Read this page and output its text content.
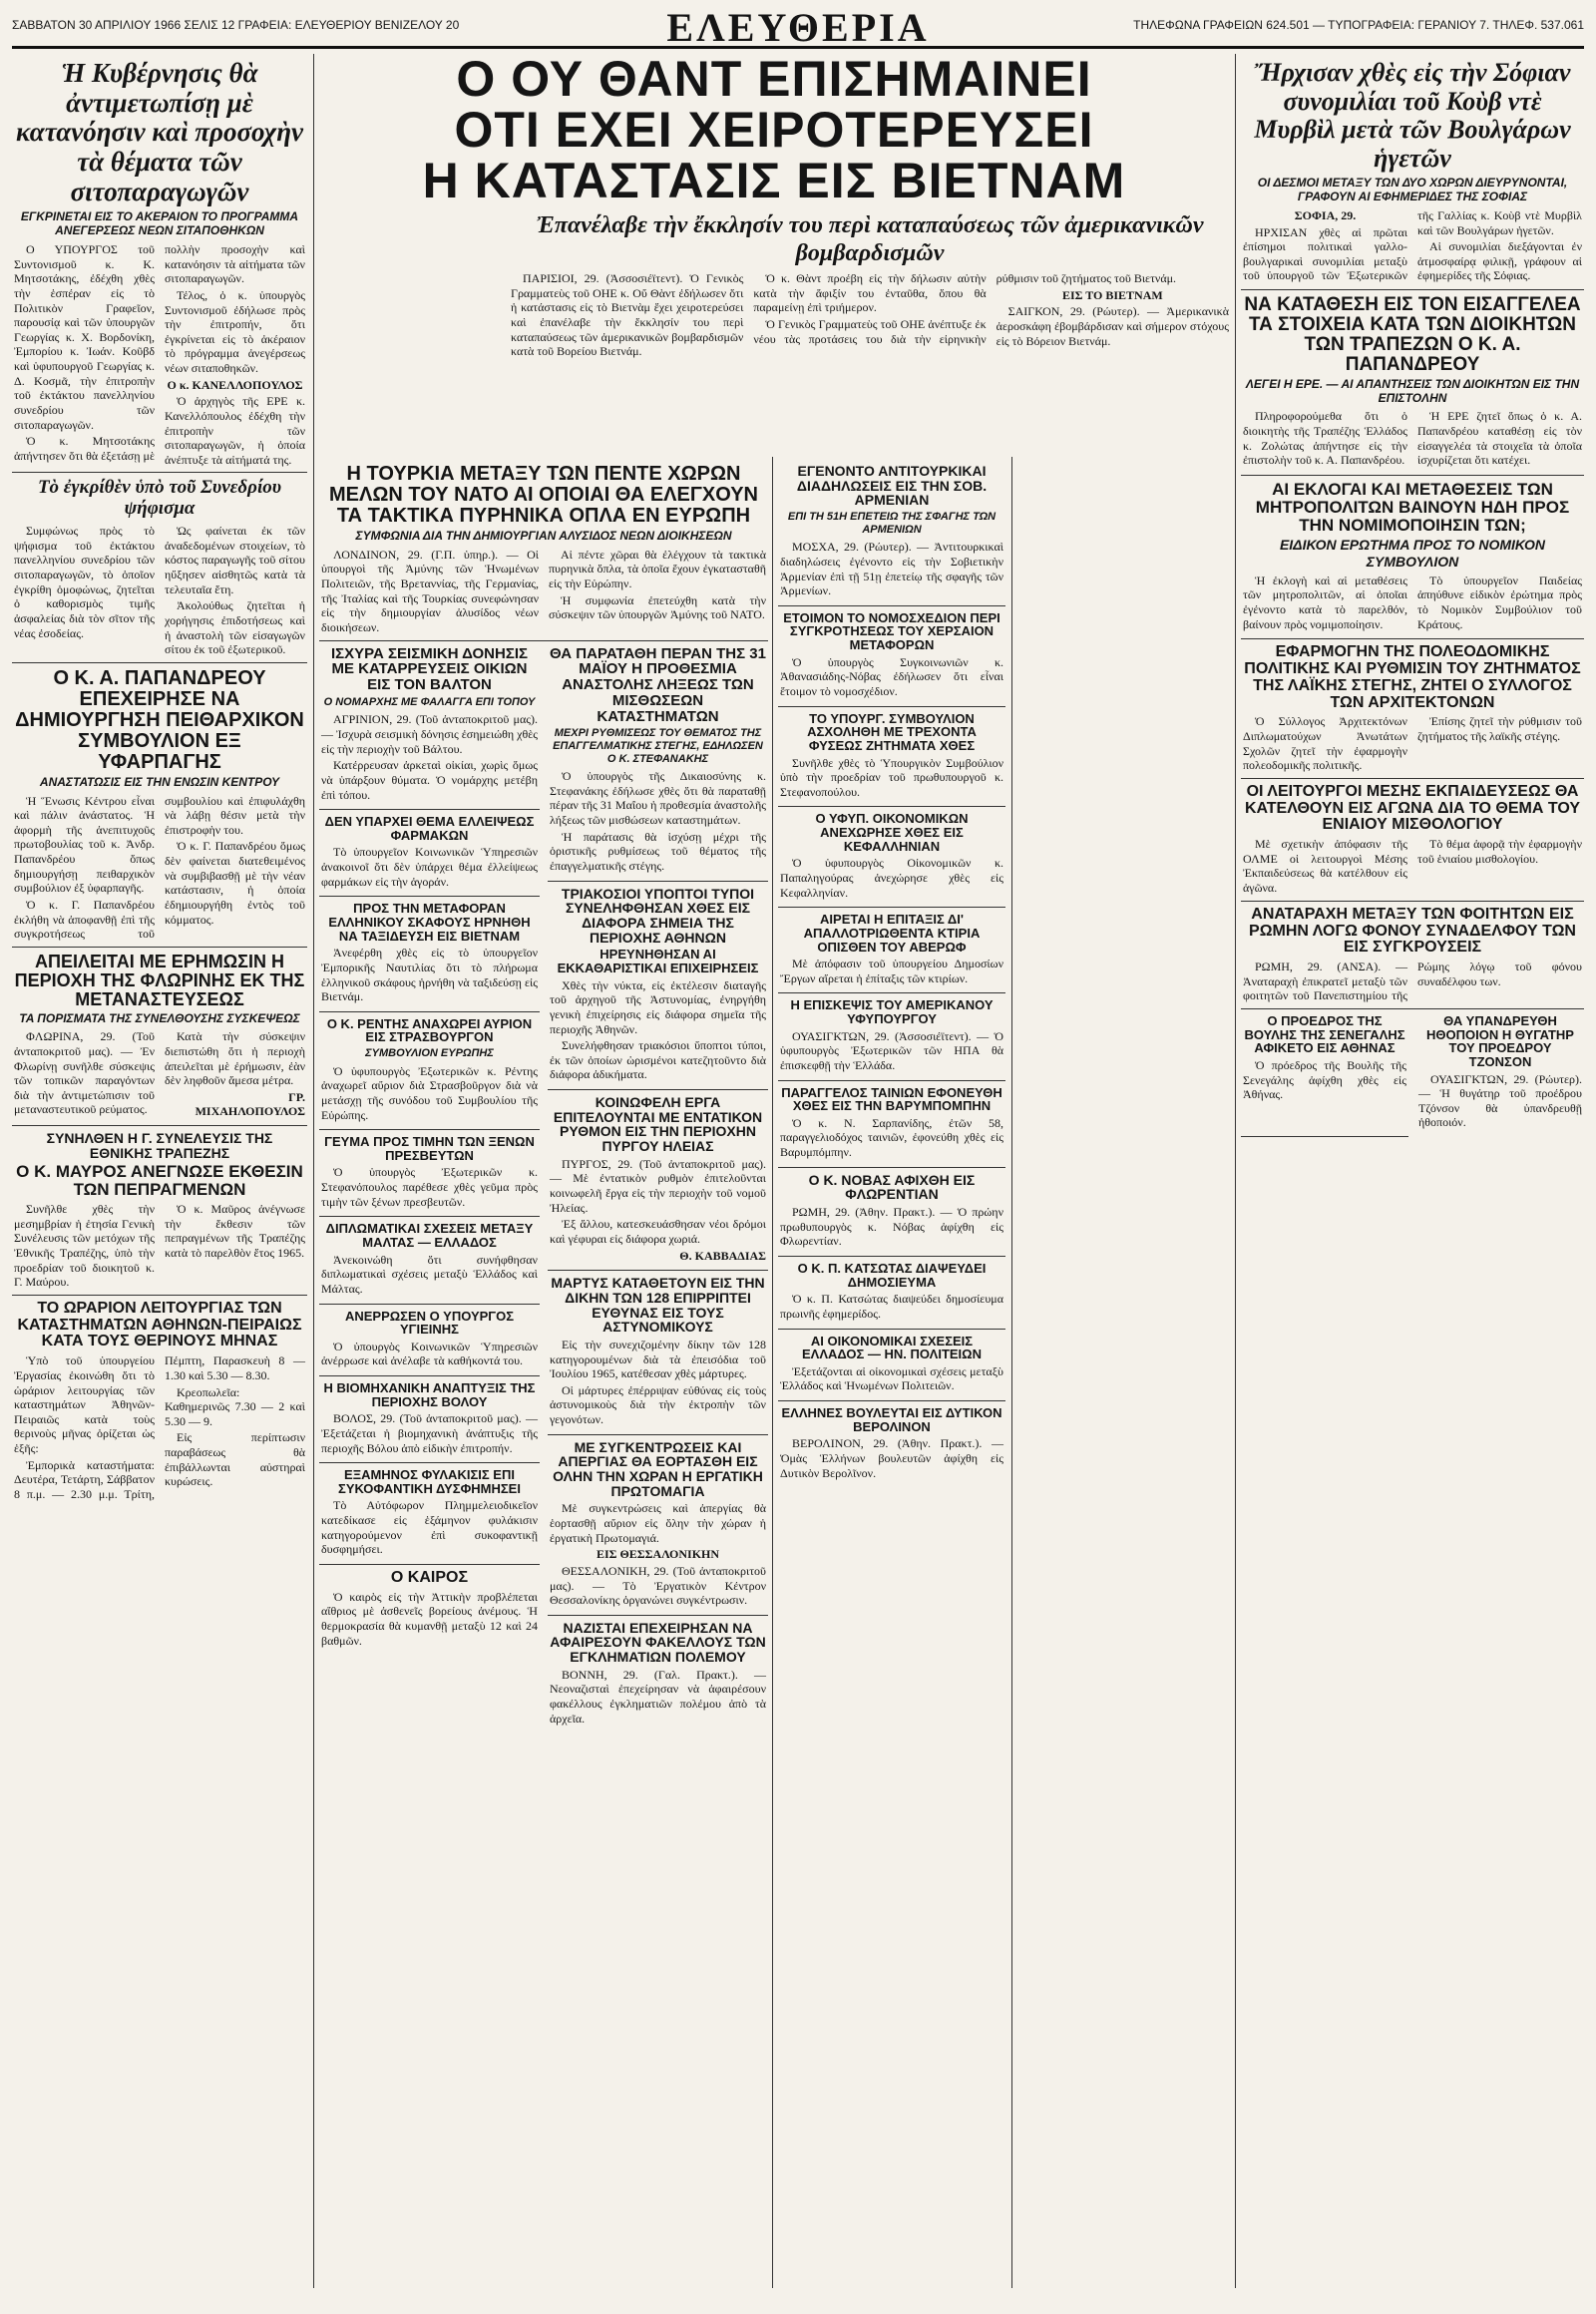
ΣΑΒΒΑΤΟΝ 30 ΑΠΡΙΛΙΟΥ 1966 ΣΕΛΙΣ 12 ΓΡΑΦΕΙΑ: ΕΛΕΥΘΕΡΙΟΥ ΒΕΝΙΖΕΛΟΥ 20	ΕΛΕΥΘΕΡΙΑ	ΤΗΛΕΦΩΝΑ ΓΡΑΦΕΙΩΝ 624.501 — ΤΥΠΟΓΡΑΦΕΙΑ: ΓΕΡΑΝΙΟΥ 7. ΤΗΛΕΦ. 537.061
Ἡ Κυβέρνησις θὰ ἀντιμετωπίσῃ μὲ κατανόησιν καὶ προσοχὴν τὰ θέματα τῶν σιτοπαραγωγῶν
ΕΓΚΡΙΝΕΤΑΙ ΕΙΣ ΤΟ ΑΚΕΡΑΙΟΝ ΤΟ ΠΡΟΓΡΑΜΜΑ ΑΝΕΓΕΡΣΕΩΣ ΝΕΩΝ ΣΙΤΑΠΟΘΗΚΩΝ

Ο ΥΠΟΥΡΓΟΣ τοῦ Συντονισμοῦ κ. Κ. Μητσοτάκης, ἐδέχθη χθὲς τὴν ἑσπέραν εἰς τὸ Πολιτικὸν Γραφεῖον, παρουσίᾳ καὶ τῶν ὑπουργῶν Γεωργίας κ. Χ. Βορδονίκη, Ἐμπορίου κ. Ἰωάν. Κοῦβδ καὶ ὑφυπουργοῦ Γεωργίας κ. Δ. Κοσμᾶ, τὴν ἐπιτροπὴν τοῦ ἐκτάκτου πανελληνίου συνεδρίου τῶν σιτοπαραγωγῶν.

Ὁ κ. Μητσοτάκης ἀπήντησεν ὅτι θὰ ἐξετάσῃ μὲ πολλὴν προσοχὴν καὶ κατανόησιν τὰ αἰτήματα τῶν σιτοπαραγωγῶν.

Τέλος, ὁ κ. ὑπουργὸς Συντονισμοῦ ἐδήλωσε πρὸς τὴν ἐπιτροπήν, ὅτι ἐγκρίνεται εἰς τὸ ἀκέραιον τὸ πρόγραμμα ἀνεγέρσεως νέων σιταποθηκῶν.

Ο κ. ΚΑΝΕΛΛΟΠΟΥΛΟΣ

Ὁ ἀρχηγὸς τῆς ΕΡΕ κ. Κανελλόπουλος ἐδέχθη τὴν ἐπιτροπὴν τῶν σιτοπαραγωγῶν, ἡ ὁποία ἀνέπτυξε τὰ αἰτήματά της.

Τὸ ἐγκρίθὲν ὑπὸ τοῦ Συνεδρίου ψήφισμα

Συμφώνως πρὸς τὸ ψήφισμα τοῦ ἐκτάκτου πανελληνίου συνεδρίου τῶν σιτοπαραγωγῶν, τὸ ὁποῖον ἐγκρίθη ὁμοφώνως, ζητεῖται ὁ καθορισμὸς τιμῆς ἀσφαλείας διὰ τὸν σῖτον τῆς νέας ἐσοδείας.

Ὡς φαίνεται ἐκ τῶν ἀναδεδομένων στοιχείων, τὸ κόστος παραγωγῆς τοῦ σίτου ηὔξησεν αἰσθητῶς κατὰ τὰ τελευταῖα ἔτη.

Ἀκολούθως ζητεῖται ἡ χορήγησις ἐπιδοτήσεως καὶ ἡ ἀναστολὴ τῶν εἰσαγωγῶν σίτου ἐκ τοῦ ἐξωτερικοῦ.

Ο Κ. Α. ΠΑΠΑΝΔΡΕΟΥ ΕΠΕΧΕΙΡΗΣΕ ΝΑ ΔΗΜΙΟΥΡΓΗΣΗ ΠΕΙΘΑΡΧΙΚΟΝ ΣΥΜΒΟΥΛΙΟΝ ΕΞ ΥΦΑΡΠΑΓΗΣ
ΑΝΑΣΤΑΤΩΣΙΣ ΕΙΣ ΤΗΝ ΕΝΩΣΙΝ ΚΕΝΤΡΟΥ

Ἡ Ἕνωσις Κέντρου εἶναι καὶ πάλιν ἀνάστατος. Ἡ ἀφορμὴ τῆς ἀνεπιτυχοῦς πρωτοβουλίας τοῦ κ. Ἀνδρ. Παπανδρέου ὅπως δημιουργήσῃ πειθαρχικὸν συμβούλιον ἐξ ὑφαρπαγῆς.

Ὁ κ. Γ. Παπανδρέου ἐκλήθη νὰ ἀποφανθῇ ἐπὶ τῆς συγκροτήσεως τοῦ συμβουλίου καὶ ἐπιφυλάχθη νὰ λάβῃ θέσιν μετὰ τὴν ἐπιστροφὴν του.

Ὁ κ. Γ. Παπανδρέου ὅμως δὲν φαίνεται διατεθειμένος νὰ συμβιβασθῇ μὲ τὴν νέαν κατάστασιν, ἡ ὁποία ἐδημιουργήθη ἐντὸς τοῦ κόμματος.

ΑΠΕΙΛΕΙΤΑΙ ΜΕ ΕΡΗΜΩΣΙΝ Η ΠΕΡΙΟΧΗ ΤΗΣ ΦΛΩΡΙΝΗΣ ΕΚ ΤΗΣ ΜΕΤΑΝΑΣΤΕΥΣΕΩΣ
ΤΑ ΠΟΡΙΣΜΑΤΑ ΤΗΣ ΣΥΝΕΛΘΟΥΣΗΣ ΣΥΣΚΕΨΕΩΣ

ΦΛΩΡΙΝΑ, 29. (Τοῦ ἀνταποκριτοῦ μας). — Ἐν Φλωρίνῃ συνῆλθε σύσκεψις τῶν τοπικῶν παραγόντων διὰ τὴν ἀντιμετώπισιν τοῦ μεταναστευτικοῦ ρεύματος.

Κατὰ τὴν σύσκεψιν διεπιστώθη ὅτι ἡ περιοχὴ ἀπειλεῖται μὲ ἐρήμωσιν, ἐὰν δὲν ληφθοῦν ἄμεσα μέτρα.

ΓΡ. ΜΙΧΑΗΛΟΠΟΥΛΟΣ

ΣΥΝΗΛΘΕΝ Η Γ. ΣΥΝΕΛΕΥΣΙΣ ΤΗΣ ΕΘΝΙΚΗΣ ΤΡΑΠΕΖΗΣ
Ο Κ. ΜΑΥΡΟΣ ΑΝΕΓΝΩΣΕ ΕΚΘΕΣΙΝ ΤΩΝ ΠΕΠΡΑΓΜΕΝΩΝ

Συνῆλθε χθὲς τὴν μεσημβρίαν ἡ ἐτησία Γενικὴ Συνέλευσις τῶν μετόχων τῆς Ἐθνικῆς Τραπέζης, ὑπὸ τὴν προεδρίαν τοῦ διοικητοῦ κ. Γ. Μαύρου.

Ὁ κ. Μαῦρος ἀνέγνωσε τὴν ἔκθεσιν τῶν πεπραγμένων τῆς Τραπέζης κατὰ τὸ παρελθὸν ἔτος 1965.

ΤΟ ΩΡΑΡΙΟΝ ΛΕΙΤΟΥΡΓΙΑΣ ΤΩΝ ΚΑΤΑΣΤΗΜΑΤΩΝ ΑΘΗΝΩΝ-ΠΕΙΡΑΙΩΣ ΚΑΤΑ ΤΟΥΣ ΘΕΡΙΝΟΥΣ ΜΗΝΑΣ

Ὑπὸ τοῦ ὑπουργείου Ἐργασίας ἐκοινώθη ὅτι τὸ ὡράριον λειτουργίας τῶν καταστημάτων Ἀθηνῶν-Πειραιῶς κατὰ τοὺς θερινοὺς μῆνας ὁρίζεται ὡς ἑξῆς:

Ἐμπορικὰ καταστήματα: Δευτέρα, Τετάρτη, Σάββατον 8 π.μ. — 2.30 μ.μ. Τρίτη, Πέμπτη, Παρασκευὴ 8 — 1.30 καὶ 5.30 — 8.30.

Κρεοπωλεῖα: Καθημερινῶς 7.30 — 2 καὶ 5.30 — 9.

Εἰς περίπτωσιν παραβάσεως θὰ ἐπιβάλλωνται αὐστηραὶ κυρώσεις.

Ο ΟΥ ΘΑΝΤ ΕΠΙΣΗΜΑΙΝΕΙ
ΟΤΙ ΕΧΕΙ ΧΕΙΡΟΤΕΡΕΥΣΕΙ
Η ΚΑΤΑΣΤΑΣΙΣ ΕΙΣ ΒΙΕΤΝΑΜ
Ἐπανέλαβε τὴν ἔκκλησίν του περὶ καταπαύσεως τῶν ἀμερικανικῶν βομβαρδισμῶν

ΠΑΡΙΣΙΟΙ, 29. (Ἀσσοσιέϊτεντ). Ὁ Γενικὸς Γραμματεὺς τοῦ ΟΗΕ κ. Οὔ Θὰντ ἐδήλωσεν ὅτι ἡ κατάστασις εἰς τὸ Βιετνὰμ ἔχει χειροτερεύσει καὶ ἐπανέλαβε τὴν ἔκκλησίν του περὶ καταπαύσεως τῶν ἀμερικανικῶν βομβαρδισμῶν κατὰ τοῦ Βορείου Βιετνάμ.

Ὁ κ. Θὰντ προέβη εἰς τὴν δήλωσιν αὐτὴν κατὰ τὴν ἄφιξίν του ἐνταῦθα, ὅπου θὰ παραμείνῃ ἐπὶ τριήμερον.

Ὁ Γενικὸς Γραμματεὺς τοῦ ΟΗΕ ἀνέπτυξε ἐκ νέου τὰς προτάσεις του διὰ τὴν εἰρηνικὴν ρύθμισιν τοῦ ζητήματος τοῦ Βιετνάμ.

ΕΙΣ ΤΟ ΒΙΕΤΝΑΜ

ΣΑΙΓΚΟΝ, 29. (Ρώυτερ). — Ἀμερικανικὰ ἀεροσκάφη ἐβομβάρδισαν καὶ σήμερον στόχους εἰς τὸ Βόρειον Βιετνάμ.

Η ΤΟΥΡΚΙΑ ΜΕΤΑΞΥ ΤΩΝ ΠΕΝΤΕ ΧΩΡΩΝ ΜΕΛΩΝ ΤΟΥ ΝΑΤΟ ΑΙ ΟΠΟΙΑΙ ΘΑ ΕΛΕΓΧΟΥΝ ΤΑ ΤΑΚΤΙΚΑ ΠΥΡΗΝΙΚΑ ΟΠΛΑ ΕΝ ΕΥΡΩΠΗ
ΣΥΜΦΩΝΙΑ ΔΙΑ ΤΗΝ ΔΗΜΙΟΥΡΓΙΑΝ ΑΛΥΣΙΔΟΣ ΝΕΩΝ ΔΙΟΙΚΗΣΕΩΝ

ΛΟΝΔΙΝΟΝ, 29. (Γ.Π. ὑπηρ.). — Οἱ ὑπουργοὶ τῆς Ἀμύνης τῶν Ἡνωμένων Πολιτειῶν, τῆς Βρεταννίας, τῆς Γερμανίας, τῆς Ἰταλίας καὶ τῆς Τουρκίας συνεφώνησαν εἰς τὴν δημιουργίαν ἀλυσίδος νέων διοικήσεων.

Αἱ πέντε χῶραι θὰ ἐλέγχουν τὰ τακτικὰ πυρηνικὰ ὅπλα, τὰ ὁποῖα ἔχουν ἐγκατασταθῆ εἰς τὴν Εὐρώπην.

Ἡ συμφωνία ἐπετεύχθη κατὰ τὴν σύσκεψιν τῶν ὑπουργῶν Ἀμύνης τοῦ ΝΑΤΟ.

ΙΣΧΥΡΑ ΣΕΙΣΜΙΚΗ ΔΟΝΗΣΙΣ ΜΕ ΚΑΤΑΡΡΕΥΣΕΙΣ ΟΙΚΙΩΝ ΕΙΣ ΤΟΝ ΒΑΛΤΟΝ
Ο ΝΟΜΑΡΧΗΣ ΜΕ ΦΑΛΑΓΓΑ ΕΠΙ ΤΟΠΟΥ

ΑΓΡΙΝΙΟΝ, 29. (Τοῦ ἀνταποκριτοῦ μας). — Ἰσχυρὰ σεισμικὴ δόνησις ἐσημειώθη χθὲς εἰς τὴν περιοχὴν τοῦ Βάλτου.

Κατέρρευσαν ἀρκεταὶ οἰκίαι, χωρὶς ὅμως νὰ ὑπάρξουν θύματα. Ὁ νομάρχης μετέβη ἐπὶ τόπου.

ΔΕΝ ΥΠΑΡΧΕΙ ΘΕΜΑ ΕΛΛΕΙΨΕΩΣ ΦΑΡΜΑΚΩΝ

Τὸ ὑπουργεῖον Κοινωνικῶν Ὑπηρεσιῶν ἀνακοινοῖ ὅτι δὲν ὑπάρχει θέμα ἐλλείψεως φαρμάκων εἰς τὴν ἀγοράν.

ΠΡΟΣ ΤΗΝ ΜΕΤΑΦΟΡΑΝ ΕΛΛΗΝΙΚΟΥ ΣΚΑΦΟΥΣ ΗΡΝΗΘΗ ΝΑ ΤΑΞΙΔΕΥΣΗ ΕΙΣ ΒΙΕΤΝΑΜ

Ἀνεφέρθη χθὲς εἰς τὸ ὑπουργεῖον Ἐμπορικῆς Ναυτιλίας ὅτι τὸ πλήρωμα ἑλληνικοῦ σκάφους ἠρνήθη νὰ ταξιδεύσῃ εἰς Βιετνάμ.

Ο Κ. ΡΕΝΤΗΣ ΑΝΑΧΩΡΕΙ ΑΥΡΙΟΝ ΕΙΣ ΣΤΡΑΣΒΟΥΡΓΟΝ
ΣΥΜΒΟΥΛΙΟΝ ΕΥΡΩΠΗΣ

Ὁ ὑφυπουργὸς Ἐξωτερικῶν κ. Ρέντης ἀναχωρεῖ αὔριον διὰ Στρασβοῦργον διὰ νὰ μετάσχῃ τῆς συνόδου τοῦ Συμβουλίου τῆς Εὐρώπης.

ΓΕΥΜΑ ΠΡΟΣ ΤΙΜΗΝ ΤΩΝ ΞΕΝΩΝ ΠΡΕΣΒΕΥΤΩΝ

Ὁ ὑπουργὸς Ἐξωτερικῶν κ. Στεφανόπουλος παρέθεσε χθὲς γεῦμα πρὸς τιμὴν τῶν ξένων πρεσβευτῶν.

ΔΙΠΛΩΜΑΤΙΚΑΙ ΣΧΕΣΕΙΣ ΜΕΤΑΞΥ ΜΑΛΤΑΣ — ΕΛΛΑΔΟΣ

Ἀνεκοινώθη ὅτι συνήφθησαν διπλωματικαὶ σχέσεις μεταξὺ Ἑλλάδος καὶ Μάλτας.

ΑΝΕΡΡΩΣΕΝ Ο ΥΠΟΥΡΓΟΣ ΥΓΙΕΙΝΗΣ

Ὁ ὑπουργὸς Κοινωνικῶν Ὑπηρεσιῶν ἀνέρρωσε καὶ ἀνέλαβε τὰ καθήκοντά του.

Η ΒΙΟΜΗΧΑΝΙΚΗ ΑΝΑΠΤΥΞΙΣ ΤΗΣ ΠΕΡΙΟΧΗΣ ΒΟΛΟΥ

ΒΟΛΟΣ, 29. (Τοῦ ἀνταποκριτοῦ μας). — Ἐξετάζεται ἡ βιομηχανικὴ ἀνάπτυξις τῆς περιοχῆς Βόλου ἀπὸ εἰδικὴν ἐπιτροπήν.

ΕΞΑΜΗΝΟΣ ΦΥΛΑΚΙΣΙΣ ΕΠΙ ΣΥΚΟΦΑΝΤΙΚΗ ΔΥΣΦΗΜΗΣΕΙ

Τὸ Αὐτόφωρον Πλημμελειοδικεῖον κατεδίκασε εἰς ἑξάμηνον φυλάκισιν κατηγορούμενον ἐπὶ συκοφαντικῇ δυσφημήσει.

Ο ΚΑΙΡΟΣ

Ὁ καιρὸς εἰς τὴν Ἀττικὴν προβλέπεται αἴθριος μὲ ἀσθενεῖς βορείους ἀνέμους. Ἡ θερμοκρασία θὰ κυμανθῇ μεταξὺ 12 καὶ 24 βαθμῶν.

ΘΑ ΠΑΡΑΤΑΘΗ ΠΕΡΑΝ ΤΗΣ 31 ΜΑΪΟΥ Η ΠΡΟΘΕΣΜΙΑ ΑΝΑΣΤΟΛΗΣ ΛΗΞΕΩΣ ΤΩΝ ΜΙΣΘΩΣΕΩΝ ΚΑΤΑΣΤΗΜΑΤΩΝ
ΜΕΧΡΙ ΡΥΘΜΙΣΕΩΣ ΤΟΥ ΘΕΜΑΤΟΣ ΤΗΣ ΕΠΑΓΓΕΛΜΑΤΙΚΗΣ ΣΤΕΓΗΣ, ΕΔΗΛΩΣΕΝ Ο Κ. ΣΤΕΦΑΝΑΚΗΣ

Ὁ ὑπουργὸς τῆς Δικαιοσύνης κ. Στεφανάκης ἐδήλωσε χθὲς ὅτι θὰ παραταθῇ πέραν τῆς 31 Μαΐου ἡ προθεσμία ἀναστολῆς λήξεως τῶν μισθώσεων καταστημάτων.

Ἡ παράτασις θὰ ἰσχύσῃ μέχρι τῆς ὁριστικῆς ρυθμίσεως τοῦ θέματος τῆς ἐπαγγελματικῆς στέγης.

ΤΡΙΑΚΟΣΙΟΙ ΥΠΟΠΤΟΙ ΤΥΠΟΙ ΣΥΝΕΛΗΦΘΗΣΑΝ ΧΘΕΣ ΕΙΣ ΔΙΑΦΟΡΑ ΣΗΜΕΙΑ ΤΗΣ ΠΕΡΙΟΧΗΣ ΑΘΗΝΩΝ
ΗΡΕΥΝΗΘΗΣΑΝ ΑΙ ΕΚΚΑΘΑΡΙΣΤΙΚΑΙ ΕΠΙΧΕΙΡΗΣΕΙΣ

Χθὲς τὴν νύκτα, εἰς ἐκτέλεσιν διαταγῆς τοῦ ἀρχηγοῦ τῆς Ἀστυνομίας, ἐνηργήθη γενικὴ ἐπιχείρησις εἰς διάφορα σημεῖα τῆς περιοχῆς Ἀθηνῶν.

Συνελήφθησαν τριακόσιοι ὕποπτοι τύποι, ἐκ τῶν ὁποίων ὡρισμένοι κατεζητοῦντο διὰ διάφορα ἀδικήματα.

ΚΟΙΝΩΦΕΛΗ ΕΡΓΑ ΕΠΙΤΕΛΟΥΝΤΑΙ ΜΕ ΕΝΤΑΤΙΚΟΝ ΡΥΘΜΟΝ ΕΙΣ ΤΗΝ ΠΕΡΙΟΧΗΝ ΠΥΡΓΟΥ ΗΛΕΙΑΣ

ΠΥΡΓΟΣ, 29. (Τοῦ ἀνταποκριτοῦ μας). — Μὲ ἐντατικὸν ρυθμὸν ἐπιτελοῦνται κοινωφελῆ ἔργα εἰς τὴν περιοχὴν τοῦ νομοῦ Ἠλείας.

Ἐξ ἄλλου, κατεσκευάσθησαν νέοι δρόμοι καὶ γέφυραι εἰς διάφορα χωριά.

Θ. ΚΑΒΒΑΔΙΑΣ

ΜΑΡΤΥΣ ΚΑΤΑΘΕΤΟΥΝ ΕΙΣ ΤΗΝ ΔΙΚΗΝ ΤΩΝ 128 ΕΠΙΡΡΙΠΤΕΙ ΕΥΘΥΝΑΣ ΕΙΣ ΤΟΥΣ ΑΣΤΥΝΟΜΙΚΟΥΣ

Εἰς τὴν συνεχιζομένην δίκην τῶν 128 κατηγορουμένων διὰ τὰ ἐπεισόδια τοῦ Ἰουλίου 1965, κατέθεσαν χθὲς μάρτυρες.

Οἱ μάρτυρες ἐπέρριψαν εὐθύνας εἰς τοὺς ἀστυνομικοὺς διὰ τὴν ἐκτροπὴν τῶν γεγονότων.

ΜΕ ΣΥΓΚΕΝΤΡΩΣΕΙΣ ΚΑΙ ΑΠΕΡΓΙΑΣ ΘΑ ΕΟΡΤΑΣΘΗ ΕΙΣ ΟΛΗΝ ΤΗΝ ΧΩΡΑΝ Η ΕΡΓΑΤΙΚΗ ΠΡΩΤΟΜΑΓΙΑ

Μὲ συγκεντρώσεις καὶ ἀπεργίας θὰ ἑορτασθῇ αὔριον εἰς ὅλην τὴν χώραν ἡ ἐργατικὴ Πρωτομαγιά.

ΕΙΣ ΘΕΣΣΑΛΟΝΙΚΗΝ

ΘΕΣΣΑΛΟΝΙΚΗ, 29. (Τοῦ ἀνταποκριτοῦ μας). — Τὸ Ἐργατικὸν Κέντρον Θεσσαλονίκης ὀργανώνει συγκέντρωσιν.

ΝΑΖΙΣΤΑΙ ΕΠΕΧΕΙΡΗΣΑΝ ΝΑ ΑΦΑΙΡΕΣΟΥΝ ΦΑΚΕΛΛΟΥΣ ΤΩΝ ΕΓΚΛΗΜΑΤΙΩΝ ΠΟΛΕΜΟΥ

ΒΟΝΝΗ, 29. (Γαλ. Πρακτ.). — Νεοναζισταὶ ἐπεχείρησαν νὰ ἀφαιρέσουν φακέλλους ἐγκληματιῶν πολέμου ἀπὸ τὰ ἀρχεῖα.

ΕΓΕΝΟΝΤΟ ΑΝΤΙΤΟΥΡΚΙΚΑΙ ΔΙΑΔΗΛΩΣΕΙΣ ΕΙΣ ΤΗΝ ΣΟΒ. ΑΡΜΕΝΙΑΝ
ΕΠΙ ΤΗ 51Η ΕΠΕΤΕΙΩ ΤΗΣ ΣΦΑΓΗΣ ΤΩΝ ΑΡΜΕΝΙΩΝ

ΜΟΣΧΑ, 29. (Ρώυτερ). — Ἀντιτουρκικαὶ διαδηλώσεις ἐγένοντο εἰς τὴν Σοβιετικὴν Ἀρμενίαν ἐπὶ τῇ 51ῃ ἐπετείῳ τῆς σφαγῆς τῶν Ἀρμενίων.

ΕΤΟΙΜΟΝ ΤΟ ΝΟΜΟΣΧΕΔΙΟΝ ΠΕΡΙ ΣΥΓΚΡΟΤΗΣΕΩΣ ΤΟΥ ΧΕΡΣΑΙΟΝ ΜΕΤΑΦΟΡΩΝ

Ὁ ὑπουργὸς Συγκοινωνιῶν κ. Ἀθανασιάδης-Νόβας ἐδήλωσεν ὅτι εἶναι ἕτοιμον τὸ νομοσχέδιον.

ΤΟ ΥΠΟΥΡΓ. ΣΥΜΒΟΥΛΙΟΝ ΑΣΧΟΛΗΘΗ ΜΕ ΤΡΕΧΟΝΤΑ ΦΥΣΕΩΣ ΖΗΤΗΜΑΤΑ ΧΘΕΣ

Συνῆλθε χθὲς τὸ Ὑπουργικὸν Συμβούλιον ὑπὸ τὴν προεδρίαν τοῦ πρωθυπουργοῦ κ. Στεφανοπούλου.

Ο ΥΦΥΠ. ΟΙΚΟΝΟΜΙΚΩΝ ΑΝΕΧΩΡΗΣΕ ΧΘΕΣ ΕΙΣ ΚΕΦΑΛΛΗΝΙΑΝ

Ὁ ὑφυπουργὸς Οἰκονομικῶν κ. Παπαληγούρας ἀνεχώρησε χθὲς εἰς Κεφαλληνίαν.

ΑΙΡΕΤΑΙ Η ΕΠΙΤΑΞΙΣ ΔΙ' ΑΠΑΛΛΟΤΡΙΩΘΕΝΤΑ ΚΤΙΡΙΑ ΟΠΙΣΘΕΝ ΤΟΥ ΑΒΕΡΩΦ

Μὲ ἀπόφασιν τοῦ ὑπουργείου Δημοσίων Ἔργων αἴρεται ἡ ἐπίταξις τῶν κτιρίων.

Η ΕΠΙΣΚΕΨΙΣ ΤΟΥ ΑΜΕΡΙΚΑΝΟΥ ΥΦΥΠΟΥΡΓΟΥ

ΟΥΑΣΙΓΚΤΩΝ, 29. (Ἀσσοσιέϊτεντ). — Ὁ ὑφυπουργὸς Ἐξωτερικῶν τῶν ΗΠΑ θὰ ἐπισκεφθῇ τὴν Ἑλλάδα.

ΠΑΡΑΓΓΕΛΟΣ ΤΑΙΝΙΩΝ ΕΦΟΝΕΥΘΗ ΧΘΕΣ ΕΙΣ ΤΗΝ ΒΑΡΥΜΠΟΜΠΗΝ

Ὁ κ. Ν. Σαρπανίδης, ἐτῶν 58, παραγγελιοδόχος ταινιῶν, ἐφονεύθη χθὲς εἰς Βαρυμπόμπην.

Ο Κ. ΝΟΒΑΣ ΑΦΙΧΘΗ ΕΙΣ ΦΛΩΡΕΝΤΙΑΝ

ΡΩΜΗ, 29. (Ἀθην. Πρακτ.). — Ὁ πρώην πρωθυπουργὸς κ. Νόβας ἀφίχθη εἰς Φλωρεντίαν.

Ο Κ. Π. ΚΑΤΣΩΤΑΣ ΔΙΑΨΕΥΔΕΙ ΔΗΜΟΣΙΕΥΜΑ

Ὁ κ. Π. Κατσώτας διαψεύδει δημοσίευμα πρωινῆς ἐφημερίδος.

ΑΙ ΟΙΚΟΝΟΜΙΚΑΙ ΣΧΕΣΕΙΣ ΕΛΛΑΔΟΣ — ΗΝ. ΠΟΛΙΤΕΙΩΝ

Ἐξετάζονται αἱ οἰκονομικαὶ σχέσεις μεταξὺ Ἑλλάδος καὶ Ἡνωμένων Πολιτειῶν.

ΕΛΛΗΝΕΣ ΒΟΥΛΕΥΤΑΙ ΕΙΣ ΔΥΤΙΚΟΝ ΒΕΡΟΛΙΝΟΝ

ΒΕΡΟΛΙΝΟΝ, 29. (Ἀθην. Πρακτ.). — Ὁμὰς Ἑλλήνων βουλευτῶν ἀφίχθη εἰς Δυτικὸν Βερολῖνον.

Ἤρχισαν χθὲς εἰς τὴν Σόφιαν συνομιλίαι τοῦ Κοὺβ ντὲ Μυρβὶλ μετὰ τῶν Βουλγάρων ἡγετῶν
ΟΙ ΔΕΣΜΟΙ ΜΕΤΑΞΥ ΤΩΝ ΔΥΟ ΧΩΡΩΝ ΔΙΕΥΡΥΝΟΝΤΑΙ, ΓΡΑΦΟΥΝ ΑΙ ΕΦΗΜΕΡΙΔΕΣ ΤΗΣ ΣΟΦΙΑΣ

ΣΟΦΙΑ, 29.

ΗΡΧΙΣΑΝ χθὲς αἱ πρῶται ἐπίσημοι πολιτικαὶ γαλλο-βουλγαρικαὶ συνομιλίαι μεταξὺ τοῦ ὑπουργοῦ τῶν Ἐξωτερικῶν τῆς Γαλλίας κ. Κοὺβ ντὲ Μυρβὶλ καὶ τῶν Βουλγάρων ἡγετῶν.

Αἱ συνομιλίαι διεξάγονται ἐν ἀτμοσφαίρᾳ φιλικῇ, γράφουν αἱ ἐφημερίδες τῆς Σόφιας.

ΝΑ ΚΑΤΑΘΕΣΗ ΕΙΣ ΤΟΝ ΕΙΣΑΓΓΕΛΕΑ ΤΑ ΣΤΟΙΧΕΙΑ ΚΑΤΑ ΤΩΝ ΔΙΟΙΚΗΤΩΝ ΤΩΝ ΤΡΑΠΕΖΩΝ Ο Κ. Α. ΠΑΠΑΝΔΡΕΟΥ
ΛΕΓΕΙ Η ΕΡΕ. — ΑΙ ΑΠΑΝΤΗΣΕΙΣ ΤΩΝ ΔΙΟΙΚΗΤΩΝ ΕΙΣ ΤΗΝ ΕΠΙΣΤΟΛΗΝ

Πληροφορούμεθα ὅτι ὁ διοικητὴς τῆς Τραπέζης Ἑλλάδος κ. Ζολώτας ἀπήντησε εἰς τὴν ἐπιστολὴν τοῦ κ. Α. Παπανδρέου.

Ἡ ΕΡΕ ζητεῖ ὅπως ὁ κ. Α. Παπανδρέου καταθέσῃ εἰς τὸν εἰσαγγελέα τὰ στοιχεῖα τὰ ὁποῖα ἰσχυρίζεται ὅτι κατέχει.

ΑΙ ΕΚΛΟΓΑΙ ΚΑΙ ΜΕΤΑΘΕΣΕΙΣ ΤΩΝ ΜΗΤΡΟΠΟΛΙΤΩΝ ΒΑΙΝΟΥΝ ΗΔΗ ΠΡΟΣ ΤΗΝ ΝΟΜΙΜΟΠΟΙΗΣΙΝ ΤΩΝ;
ΕΙΔΙΚΟΝ ΕΡΩΤΗΜΑ ΠΡΟΣ ΤΟ ΝΟΜΙΚΟΝ ΣΥΜΒΟΥΛΙΟΝ

Ἡ ἐκλογὴ καὶ αἱ μεταθέσεις τῶν μητροπολιτῶν, αἱ ὁποῖαι ἐγένοντο κατὰ τὸ παρελθόν, βαίνουν πρὸς νομιμοποίησιν.

Τὸ ὑπουργεῖον Παιδείας ἀπηύθυνε εἰδικὸν ἐρώτημα πρὸς τὸ Νομικὸν Συμβούλιον τοῦ Κράτους.

ΕΦΑΡΜΟΓΗΝ ΤΗΣ ΠΟΛΕΟΔΟΜΙΚΗΣ ΠΟΛΙΤΙΚΗΣ ΚΑΙ ΡΥΘΜΙΣΙΝ ΤΟΥ ΖΗΤΗΜΑΤΟΣ ΤΗΣ ΛΑΪΚΗΣ ΣΤΕΓΗΣ, ΖΗΤΕΙ Ο ΣΥΛΛΟΓΟΣ ΤΩΝ ΑΡΧΙΤΕΚΤΟΝΩΝ

Ὁ Σύλλογος Ἀρχιτεκτόνων Διπλωματούχων Ἀνωτάτων Σχολῶν ζητεῖ τὴν ἐφαρμογὴν πολεοδομικῆς πολιτικῆς.

Ἐπίσης ζητεῖ τὴν ρύθμισιν τοῦ ζητήματος τῆς λαϊκῆς στέγης.

ΟΙ ΛΕΙΤΟΥΡΓΟΙ ΜΕΣΗΣ ΕΚΠΑΙΔΕΥΣΕΩΣ ΘΑ ΚΑΤΕΛΘΟΥΝ ΕΙΣ ΑΓΩΝΑ ΔΙΑ ΤΟ ΘΕΜΑ ΤΟΥ ΕΝΙΑΙΟΥ ΜΙΣΘΟΛΟΓΙΟΥ

Μὲ σχετικὴν ἀπόφασιν τῆς ΟΛΜΕ οἱ λειτουργοὶ Μέσης Ἐκπαιδεύσεως θὰ κατέλθουν εἰς ἀγῶνα.

Τὸ θέμα ἀφορᾷ τὴν ἐφαρμογὴν τοῦ ἑνιαίου μισθολογίου.

ΑΝΑΤΑΡΑΧΗ ΜΕΤΑΞΥ ΤΩΝ ΦΟΙΤΗΤΩΝ ΕΙΣ ΡΩΜΗΝ ΛΟΓΩ ΦΟΝΟΥ ΣΥΝΑΔΕΛΦΟΥ ΤΩΝ ΕΙΣ ΣΥΓΚΡΟΥΣΕΙΣ

ΡΩΜΗ, 29. (ΑΝΣΑ). — Ἀναταραχὴ ἐπικρατεῖ μεταξὺ τῶν φοιτητῶν τοῦ Πανεπιστημίου τῆς Ρώμης λόγῳ τοῦ φόνου συναδέλφου των.

Ο ΠΡΟΕΔΡΟΣ ΤΗΣ ΒΟΥΛΗΣ ΤΗΣ ΣΕΝΕΓΑΛΗΣ ΑΦΙΚΕΤΟ ΕΙΣ ΑΘΗΝΑΣ

Ὁ πρόεδρος τῆς Βουλῆς τῆς Σενεγάλης ἀφίχθη χθὲς εἰς Ἀθήνας.

ΘΑ ΥΠΑΝΔΡΕΥΘΗ ΗΘΟΠΟΙΟΝ Η ΘΥΓΑΤΗΡ ΤΟΥ ΠΡΟΕΔΡΟΥ ΤΖΟΝΣΟΝ

ΟΥΑΣΙΓΚΤΩΝ, 29. (Ρώυτερ). — Ἡ θυγάτηρ τοῦ προέδρου Τζόνσον θὰ ὑπανδρευθῇ ἠθοποιόν.
